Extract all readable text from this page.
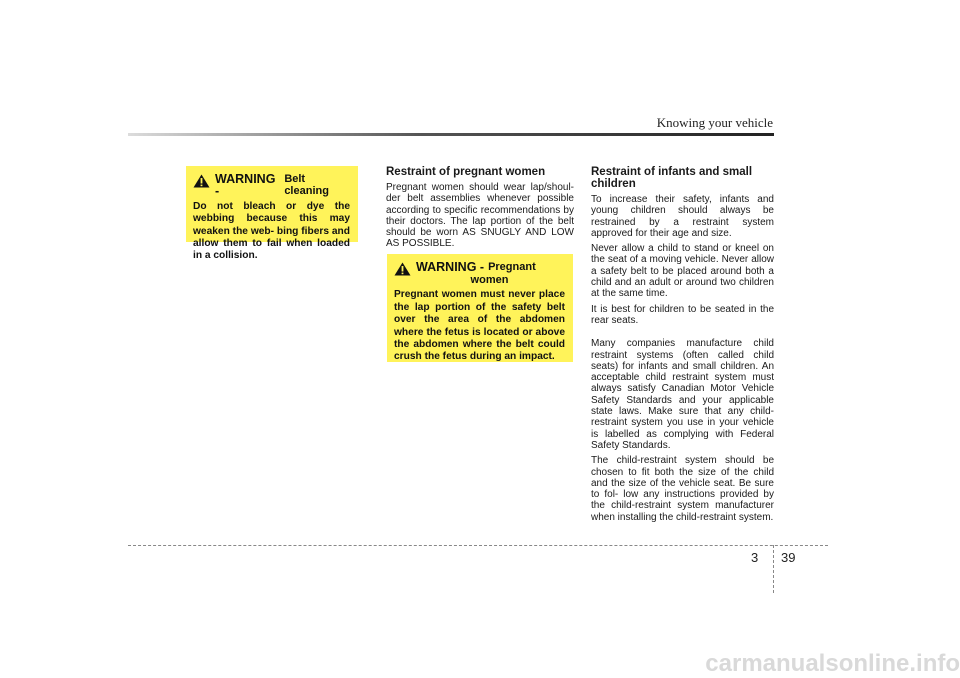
Knowing your vehicle
WARNING -
Belt cleaning
Do not bleach or dye the webbing because this may weaken the web- bing fibers and allow them to fail when loaded in a collision.
Restraint of pregnant women

Pregnant women should wear lap/shoul- der belt assemblies whenever possible according to specific recommendations by their doctors. The lap portion of the belt should be worn AS SNUGLY AND LOW AS POSSIBLE.

WARNING - Pregnant
women
Pregnant women must never place the lap portion of the safety belt over the area of the abdomen where the fetus is located or above the abdomen where the belt could crush the fetus during an impact.
Restraint of infants and small children

To increase their safety, infants and young children should always be restrained by a restraint system approved for their age and size.

Never allow a child to stand or kneel on the seat of a moving vehicle. Never allow a safety belt to be placed around both a child and an adult or around two children at the same time.

It is best for children to be seated in the rear seats.

Many companies manufacture child restraint systems (often called child seats) for infants and small children. An acceptable child restraint system must always satisfy Canadian Motor Vehicle Safety Standards and your applicable state laws. Make sure that any child- restraint system you use in your vehicle is labelled as complying with Federal Safety Standards.

The child-restraint system should be chosen to fit both the size of the child and the size of the vehicle seat. Be sure to fol- low any instructions provided by the child-restraint system manufacturer when installing the child-restraint system.

3 39
carmanualsonline.info
